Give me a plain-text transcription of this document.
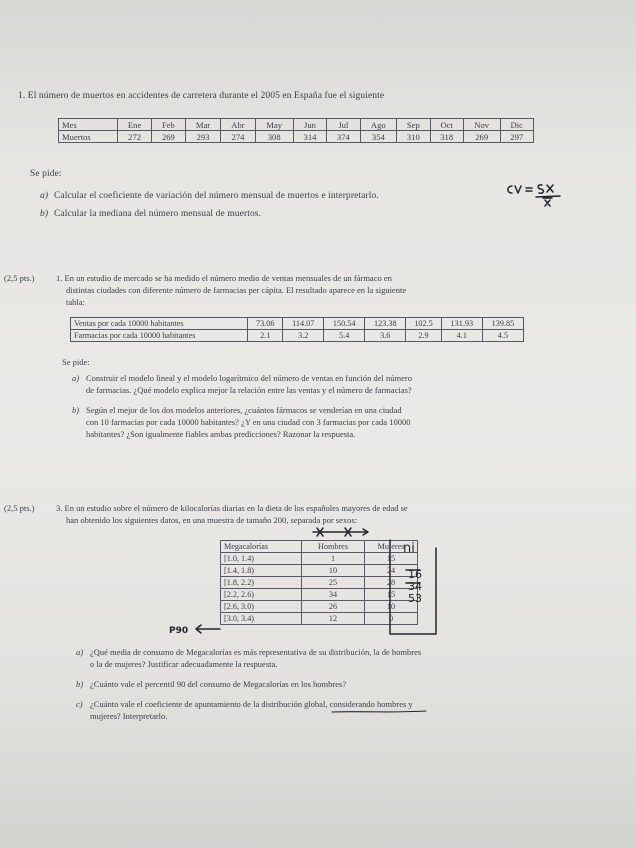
1. El número de muertos en accidentes de carretera durante el 2005 en España fue el siguiente
Mes	Ene	Feb	Mar	Abr	May	Jun	Jul	Ago	Sep	Oct	Nov	Dic
Muertos	272	269	293	274	308	314	374	354	310	318	269	297
Se pide:
a) Calcular el coeficiente de variación del número mensual de muertos e interpretarlo.
b) Calcular la mediana del número mensual de muertos.
(2,5 pts.)	1. En un estudio de mercado se ha medido el número medio de ventas mensuales de un fármaco en
distintas ciudades con diferente número de farmacias per cápita. El resultado aparece en la siguiente
tabla:
Ventas por cada 10000 habitantes	73.06	114.07	150.54	123.38	102.5	131.93	139.85
Farmacias por cada 10000 habitantes	2.1	3.2	5.4	3.6	2.9	4.1	4.5
Se pide:
a) Construir el modelo lineal y el modelo logarítmico del número de ventas en función del número
de farmacias. ¿Qué modelo explica mejor la relación entre las ventas y el número de farmacias?
b) Según el mejor de los dos modelos anteriores, ¿cuántos fármacos se venderían en una ciudad
con 10 farmacias por cada 10000 habitantes? ¿Y en una ciudad con 3 farmacias por cada 10000
habitantes? ¿Son igualmente fiables ambas predicciones? Razonar la respuesta.
(2,5 pts.)	3. En un estudio sobre el número de kilocalorías diarias en la dieta de los españoles mayores de edad se
han obtenido los siguientes datos, en una muestra de tamaño 200, separada por sexos:
Megacalorías	Hombres	Mujeres
[1.0, 1.4)	1	15
[1.4, 1.8)	10	24
[1.8, 2.2)	25	28
[2.2, 2.6)	34	15
[2.6, 3.0)	26	10
[3.0, 3.4)	12	0
ni
16
34
53
P90
a) ¿Qué media de consumo de Megacalorías es más representativa de su distribución, la de hombres
o la de mujeres? Justificar adecuadamente la respuesta.
b) ¿Cuánto vale el percentil 90 del consumo de Megacalorías en los hombres?
c) ¿Cuánto vale el coeficiente de apuntamiento de la distribución global, considerando hombres y
mujeres? Interpretarlo.
